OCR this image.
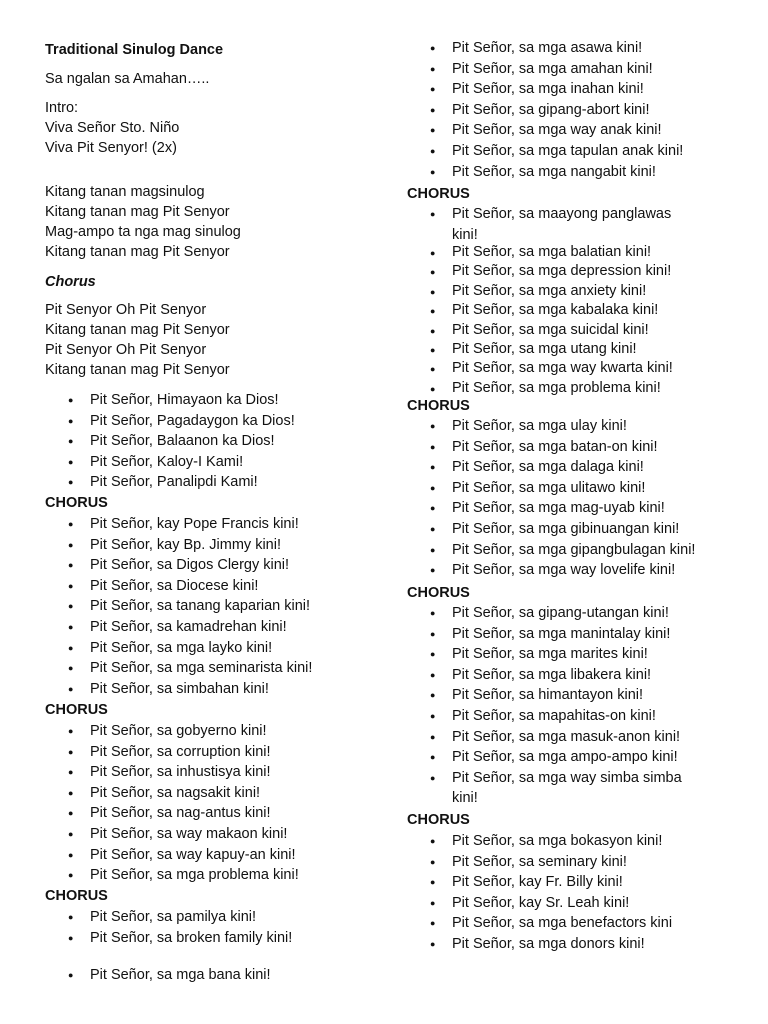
Traditional Sinulog Dance
Sa ngalan sa Amahan…..
Intro:
Viva Señor Sto. Niño
Viva Pit Senyor! (2x)
Kitang tanan magsinulog
Kitang tanan mag Pit Senyor
Mag-ampo ta nga mag sinulog
Kitang tanan mag Pit Senyor
Chorus
Pit Senyor Oh Pit Senyor
Kitang tanan mag Pit Senyor
Pit Senyor Oh Pit Senyor
Kitang tanan mag Pit Senyor
● Pit Señor, Himayaon ka Dios!
● Pit Señor, Pagadaygon ka Dios!
● Pit Señor, Balaanon ka Dios!
● Pit Señor, Kaloy-I Kami!
● Pit Señor, Panalipdi Kami!
CHORUS
● Pit Señor, kay Pope Francis kini!
● Pit Señor, kay Bp. Jimmy kini!
● Pit Señor, sa Digos Clergy kini!
● Pit Señor, sa Diocese kini!
● Pit Señor, sa tanang kaparian kini!
● Pit Señor, sa kamadrehan kini!
● Pit Señor, sa mga layko kini!
● Pit Señor, sa mga seminarista kini!
● Pit Señor, sa simbahan kini!
CHORUS
● Pit Señor, sa gobyerno kini!
● Pit Señor, sa corruption kini!
● Pit Señor, sa inhustisya kini!
● Pit Señor, sa nagsakit kini!
● Pit Señor, sa nag-antus kini!
● Pit Señor, sa way makaon kini!
● Pit Señor, sa way kapuy-an kini!
● Pit Señor, sa mga problema kini!
CHORUS
● Pit Señor, sa pamilya kini!
● Pit Señor, sa broken family kini!
● Pit Señor, sa mga bana kini!
● Pit Señor, sa mga asawa kini!
● Pit Señor, sa mga amahan kini!
● Pit Señor, sa mga inahan kini!
● Pit Señor, sa gipang-abort kini!
● Pit Señor, sa mga way anak kini!
● Pit Señor, sa mga tapulan anak kini!
● Pit Señor, sa mga nangabit kini!
CHORUS
● Pit Señor, sa maayong panglawas
kini!
● Pit Señor, sa mga balatian kini!
● Pit Señor, sa mga depression kini!
● Pit Señor, sa mga anxiety kini!
● Pit Señor, sa mga kabalaka kini!
● Pit Señor, sa mga suicidal kini!
● Pit Señor, sa mga utang kini!
● Pit Señor, sa mga way kwarta kini!
● Pit Señor, sa mga problema kini!
CHORUS
● Pit Señor, sa mga ulay kini!
● Pit Señor, sa mga batan-on kini!
● Pit Señor, sa mga dalaga kini!
● Pit Señor, sa mga ulitawo kini!
● Pit Señor, sa mga mag-uyab kini!
● Pit Señor, sa mga gibinuangan kini!
● Pit Señor, sa mga gipangbulagan kini!
● Pit Señor, sa mga way lovelife kini!
CHORUS
● Pit Señor, sa gipang-utangan kini!
● Pit Señor, sa mga manintalay kini!
● Pit Señor, sa mga marites kini!
● Pit Señor, sa mga libakera kini!
● Pit Señor, sa himantayon kini!
● Pit Señor, sa mapahitas-on kini!
● Pit Señor, sa mga masuk-anon kini!
● Pit Señor, sa mga ampo-ampo kini!
● Pit Señor, sa mga way simba simba
kini!
CHORUS
● Pit Señor, sa mga bokasyon kini!
● Pit Señor, sa seminary kini!
● Pit Señor, kay Fr. Billy kini!
● Pit Señor, kay Sr. Leah kini!
● Pit Señor, sa mga benefactors kini
● Pit Señor, sa mga donors kini!
